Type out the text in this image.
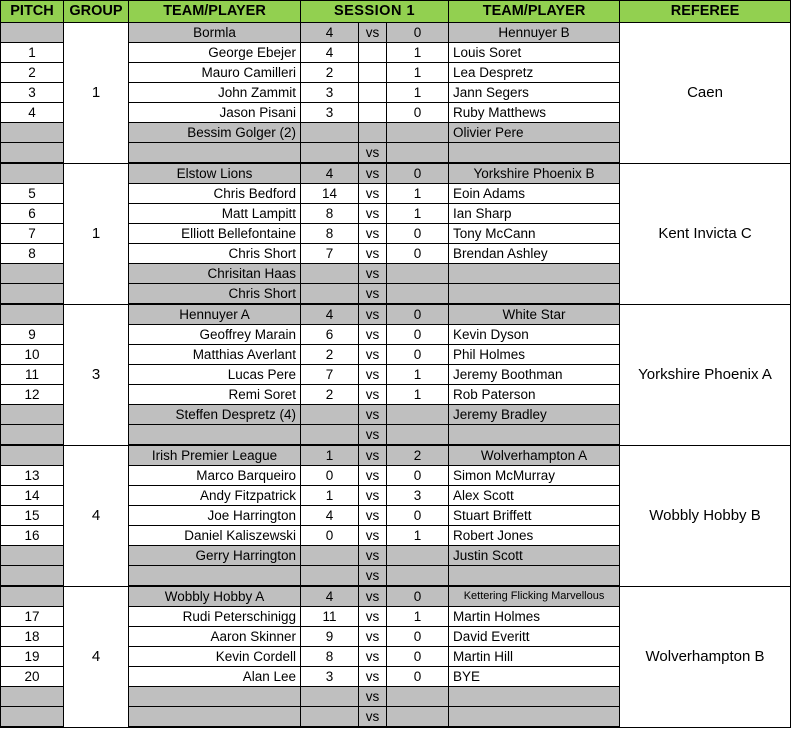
PITCH	GROUP	TEAM/PLAYER	SESSION 1			TEAM/PLAYER	REFEREE
	1	Bormla	4	vs	0	Hennuyer B	Caen
1		George Ebejer	4		1	Louis Soret	
2		Mauro Camilleri	2		1	Lea Despretz	
3		John Zammit	3		1	Jann Segers	
4		Jason Pisani	3		0	Ruby Matthews	
		Bessim Golger (2)				Olivier Pere	
				vs			
	1	Elstow Lions	4	vs	0	Yorkshire Phoenix B	Kent Invicta C
5		Chris Bedford	14	vs	1	Eoin Adams	
6		Matt Lampitt	8	vs	1	Ian Sharp	
7		Elliott Bellefontaine	8	vs	0	Tony McCann	
8		Chris Short	7	vs	0	Brendan Ashley	
		Chrisitan Haas		vs			
		Chris Short		vs			
	3	Hennuyer A	4	vs	0	White Star	Yorkshire Phoenix A
9		Geoffrey Marain	6	vs	0	Kevin Dyson	
10		Matthias Averlant	2	vs	0	Phil Holmes	
11		Lucas Pere	7	vs	1	Jeremy Boothman	
12		Remi Soret	2	vs	1	Rob Paterson	
		Steffen Despretz (4)		vs		Jeremy Bradley	
				vs			
	4	Irish Premier League	1	vs	2	Wolverhampton A	Wobbly Hobby B
13		Marco Barqueiro	0	vs	0	Simon McMurray	
14		Andy Fitzpatrick	1	vs	3	Alex Scott	
15		Joe Harrington	4	vs	0	Stuart Briffett	
16		Daniel Kaliszewski	0	vs	1	Robert Jones	
		Gerry Harrington		vs		Justin Scott	
				vs			
	4	Wobbly Hobby A	4	vs	0	Kettering Flicking Marvellous	Wolverhampton B
17		Rudi Peterschinigg	11	vs	1	Martin Holmes	
18		Aaron Skinner	9	vs	0	David Everitt	
19		Kevin Cordell	8	vs	0	Martin Hill	
20		Alan Lee	3	vs	0	BYE	
				vs			
				vs			
